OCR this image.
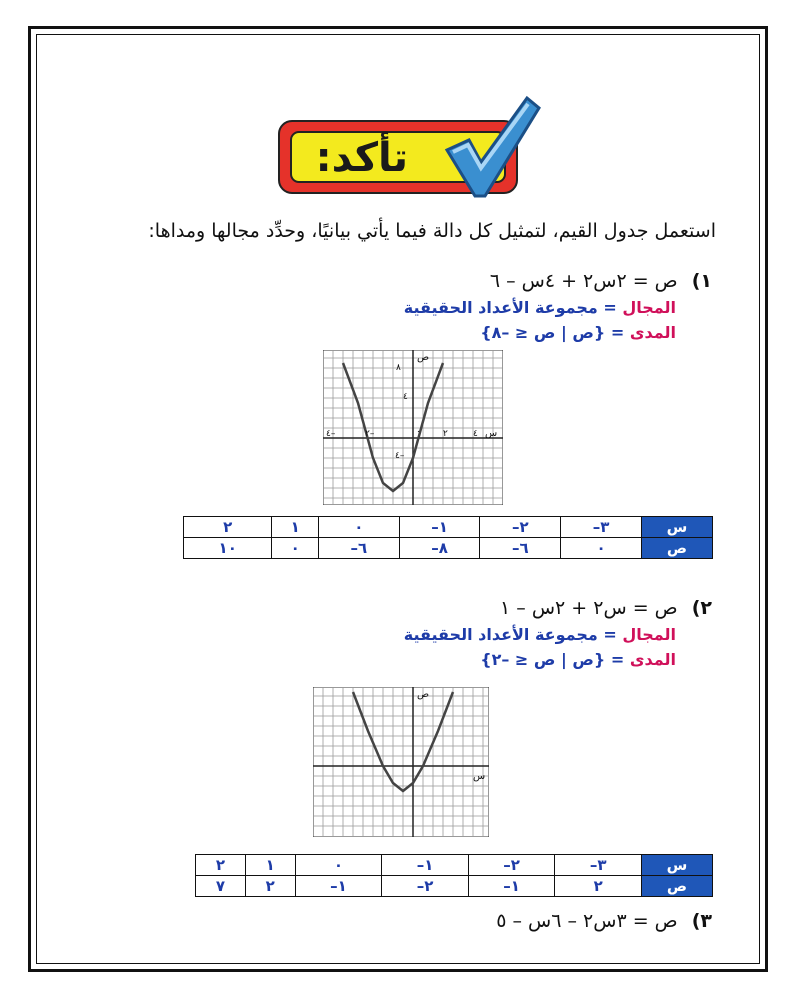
تأكد:
استعمل جدول القيم، لتمثيل كل دالة فيما يأتي بيانيًا، وحدِّد مجالها ومداها:
١) ص = ٢س٢ + ٤س – ٦
المجال = مجموعة الأعداد الحقيقية
المدى = {ص | ص ≤ –٨}
ص
٨
٤
٤–
٠ ٢	٤ س
٢–
٤–
س	٣–	٢–	١–	٠	١	٢
ص	٠	٦–	٨–	٦–	٠	١٠
٢) ص = س٢ + ٢س – ١
المجال = مجموعة الأعداد الحقيقية
المدى = {ص | ص ≤ –٢}
ص
س
س	٣–	٢–	١–	٠	١	٢
ص	٢	١–	٢–	١–	٢	٧
٣) ص = ٣س٢ – ٦س – ٥
